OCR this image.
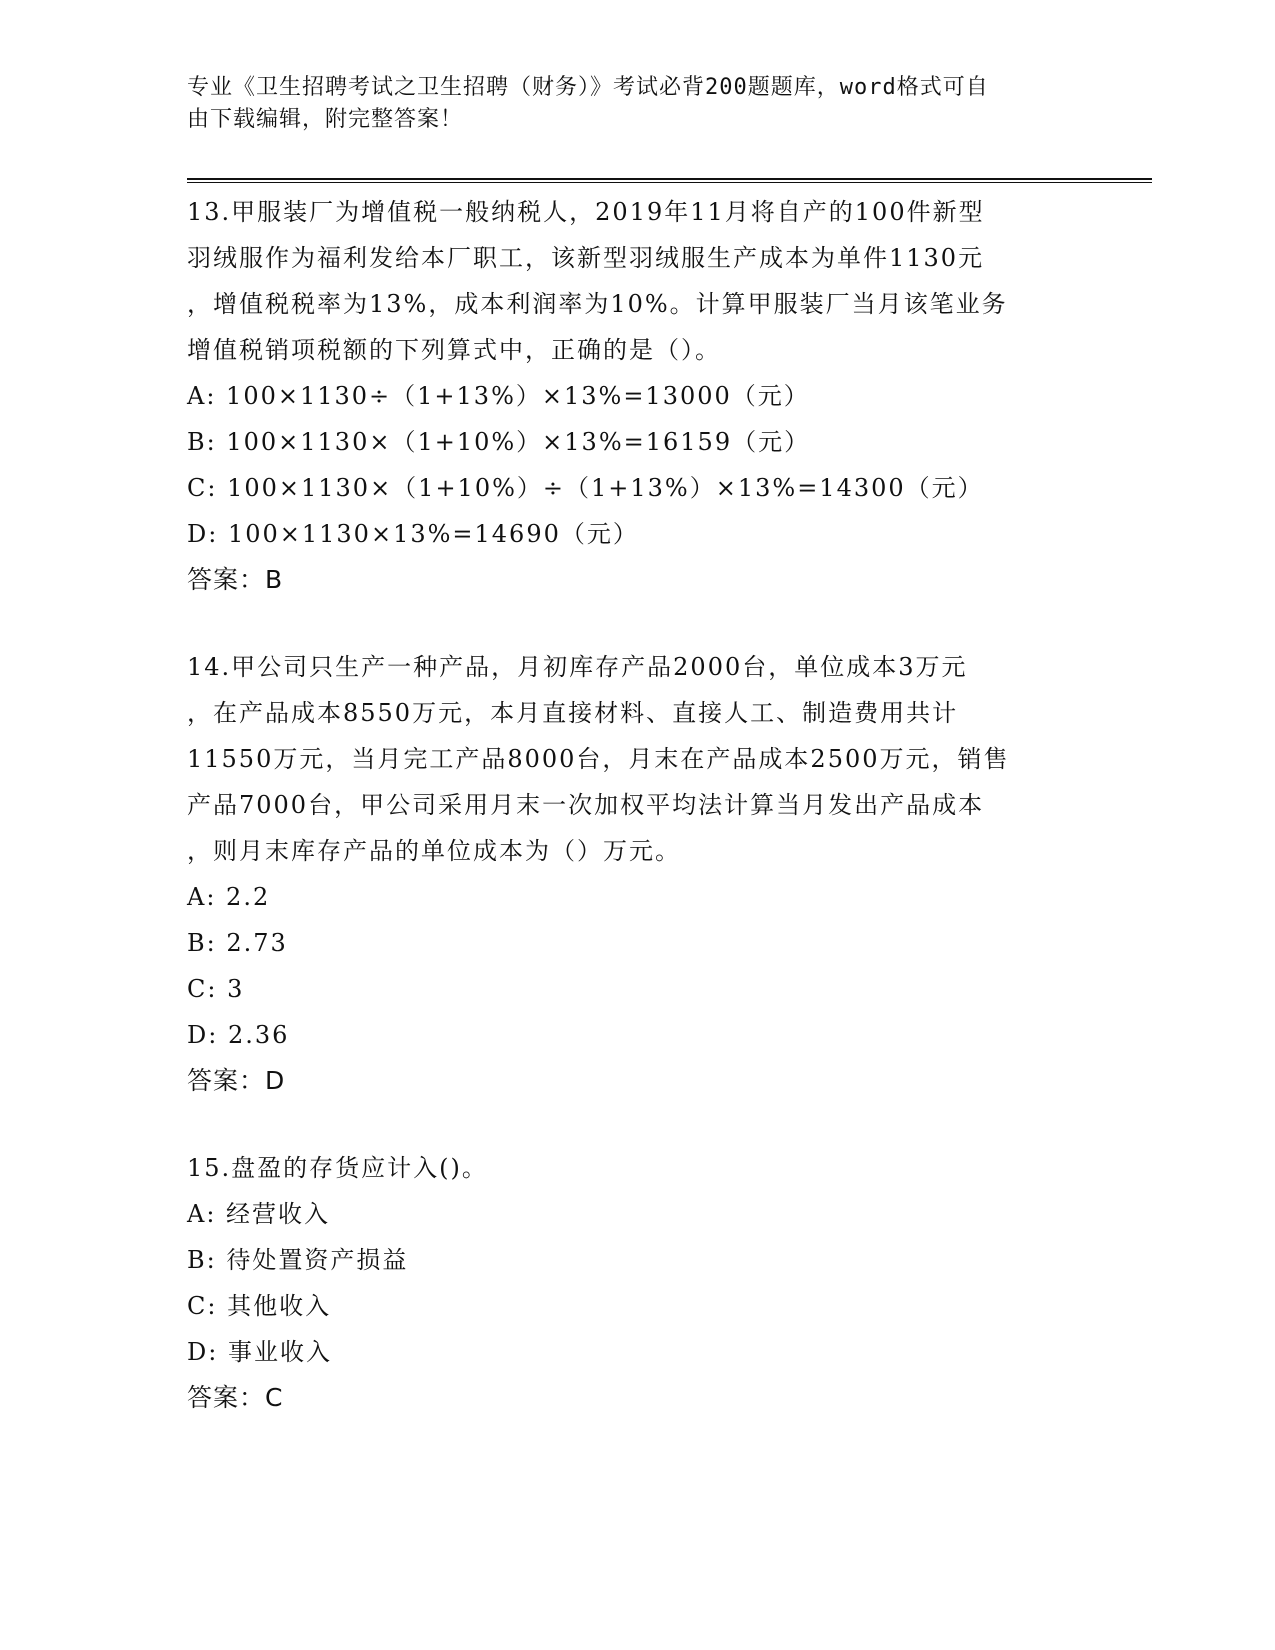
专业《卫生招聘考试之卫生招聘（财务）》考试必背200题题库，word格式可自
由下载编辑，附完整答案！

13.甲服装厂为增值税一般纳税人，2019年11月将自产的100件新型

羽绒服作为福利发给本厂职工，该新型羽绒服生产成本为单件1130元

，增值税税率为13%，成本利润率为10%。计算甲服装厂当月该笔业务

增值税销项税额的下列算式中，正确的是（）。

A: 100×1130÷（1+13%）×13%=13000（元）

B: 100×1130×（1+10%）×13%=16159（元）

C: 100×1130×（1+10%）÷（1+13%）×13%=14300（元）

D: 100×1130×13%=14690（元）

答案：B

14.甲公司只生产一种产品，月初库存产品2000台，单位成本3万元

，在产品成本8550万元，本月直接材料、直接人工、制造费用共计

11550万元，当月完工产品8000台，月末在产品成本2500万元，销售

产品7000台，甲公司采用月末一次加权平均法计算当月发出产品成本

，则月末库存产品的单位成本为（）万元。

A: 2.2

B: 2.73

C: 3

D: 2.36

答案：D

15.盘盈的存货应计入()。

A: 经营收入

B: 待处置资产损益

C: 其他收入

D: 事业收入

答案：C
